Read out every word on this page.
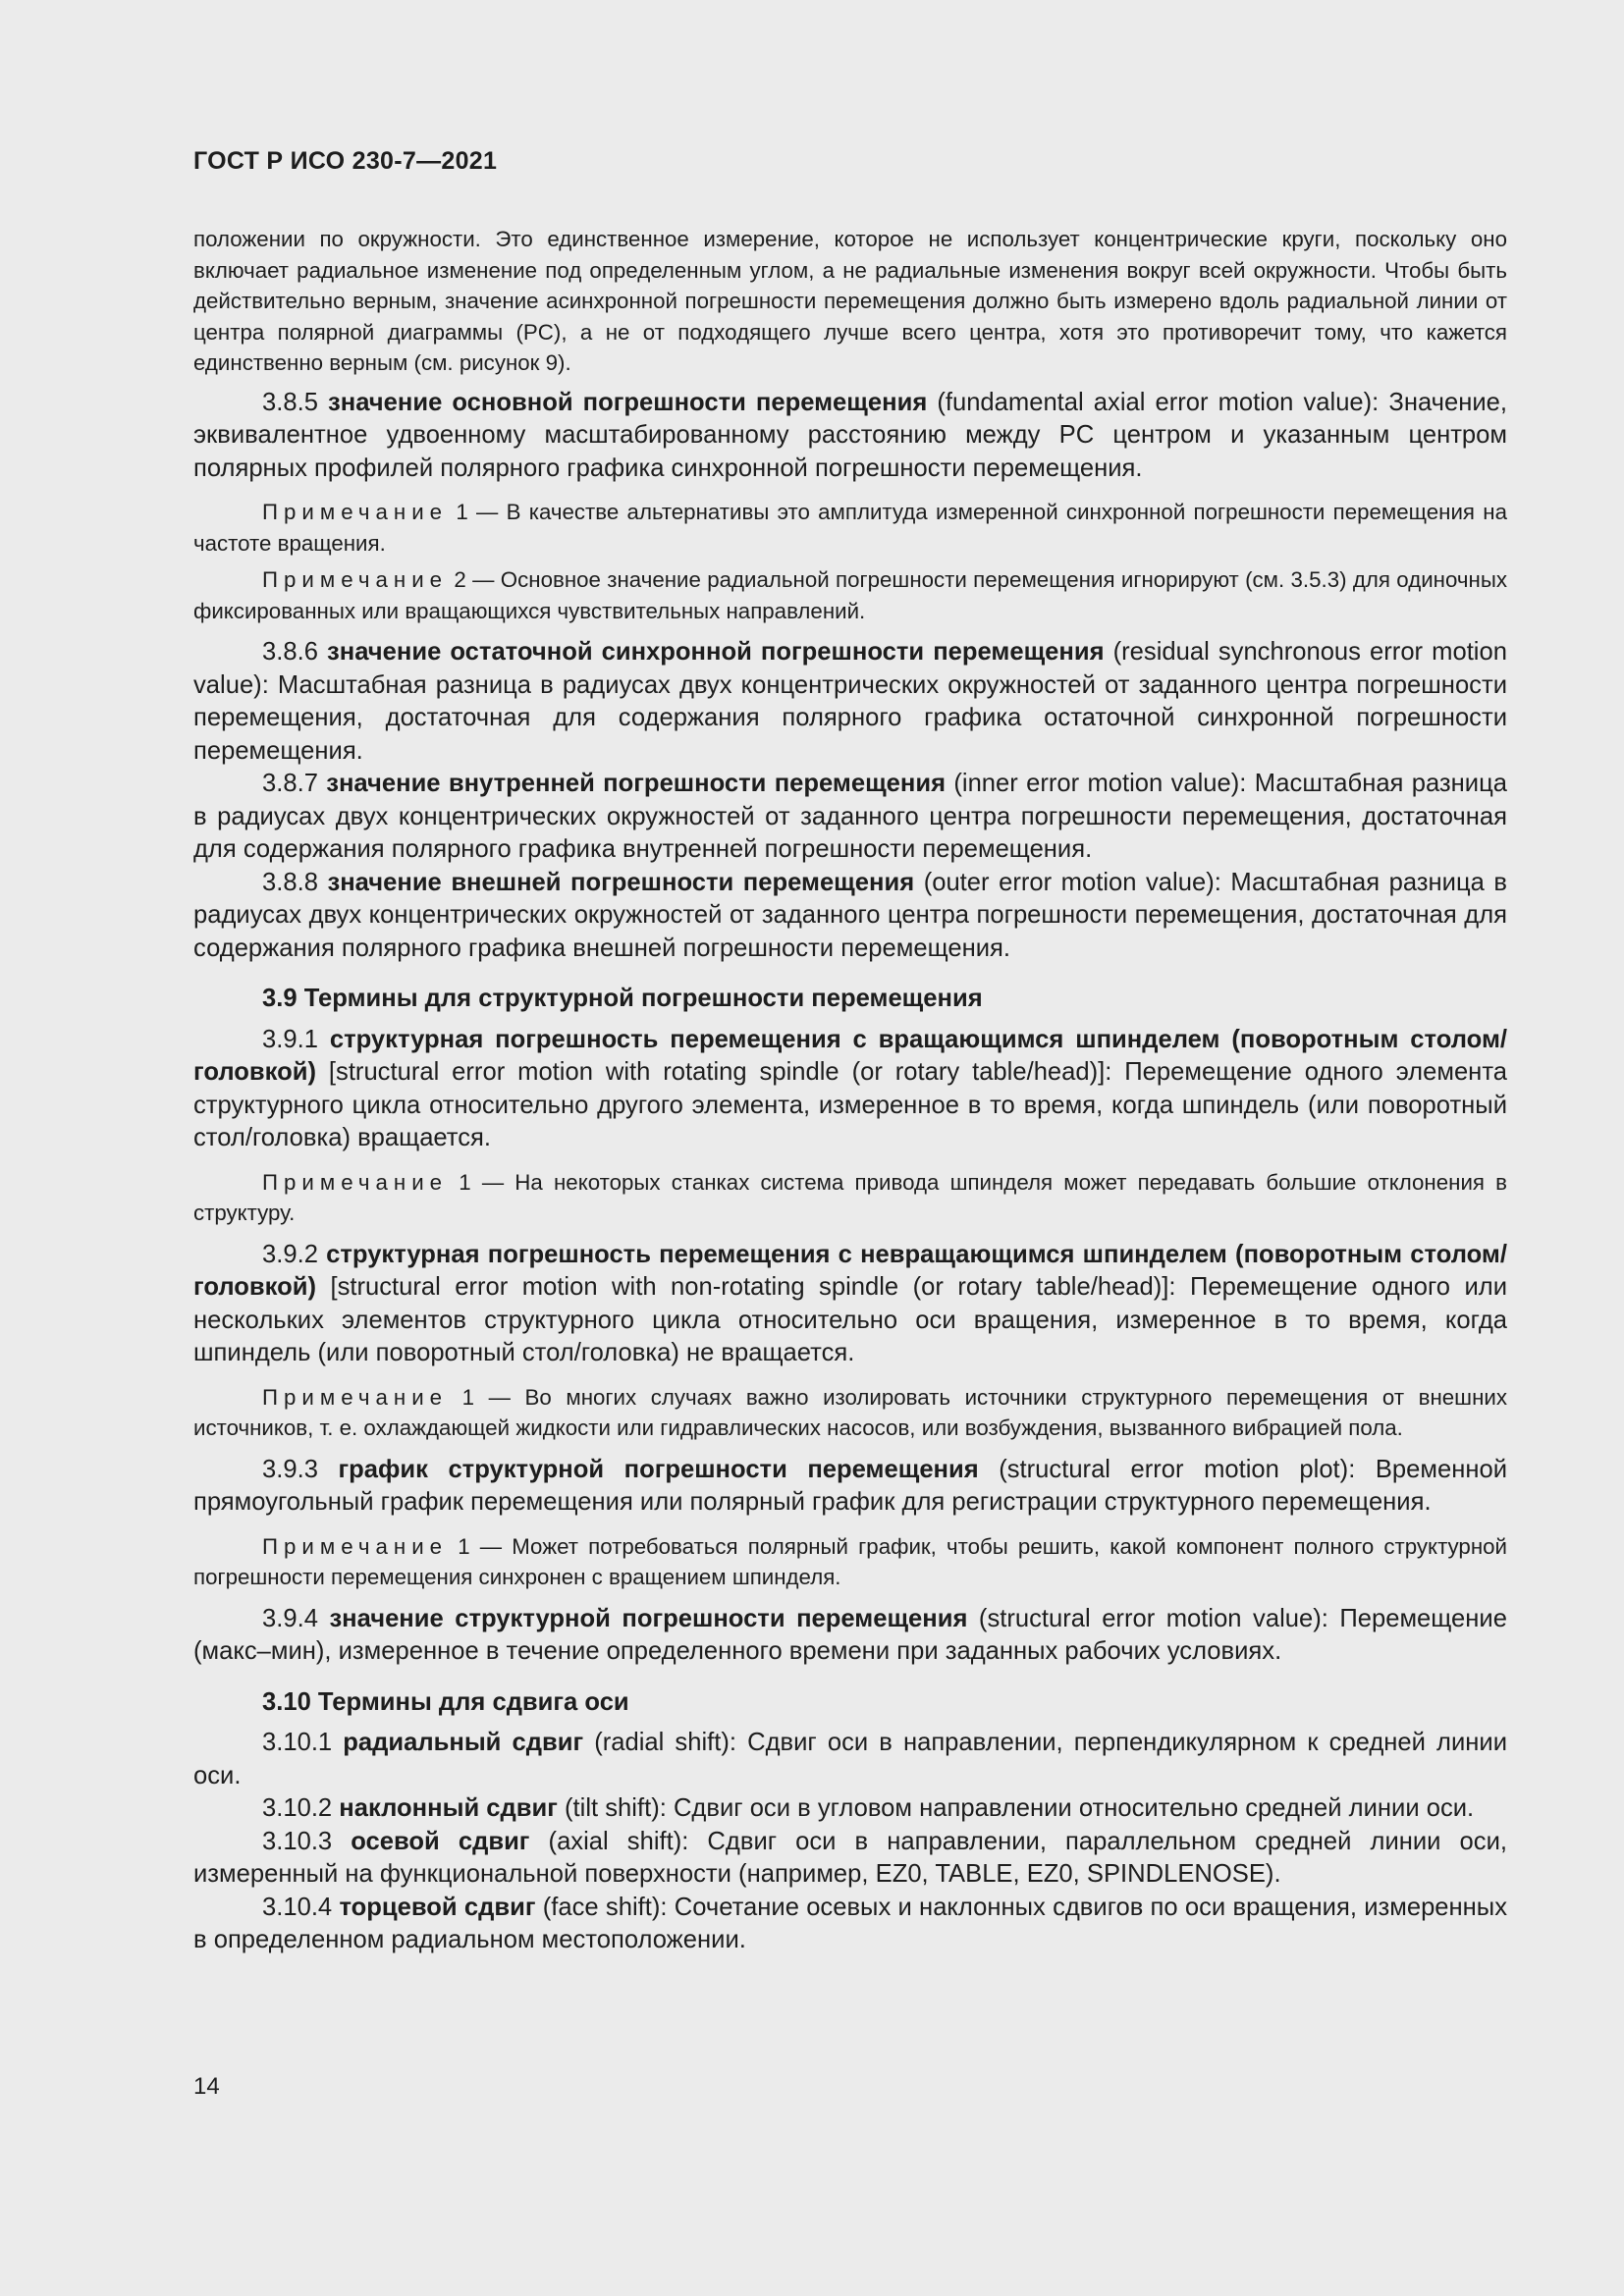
ГОСТ Р ИСО 230-7—2021

положении по окружности. Это единственное измерение, которое не использует концентрические круги, поскольку оно включает радиальное изменение под определенным углом, а не радиальные изменения вокруг всей окружности. Чтобы быть действительно верным, значение асинхронной погрешности перемещения должно быть измерено вдоль радиальной линии от центра полярной диаграммы (PC), а не от подходящего лучше всего центра, хотя это противоречит тому, что кажется единственно верным (см. рисунок 9).

3.8.5 значение основной погрешности перемещения (fundamental axial error motion value): Значение, эквивалентное удвоенному масштабированному расстоянию между PC центром и указанным центром полярных профилей полярного графика синхронной погрешности перемещения.

Примечание 1 — В качестве альтернативы это амплитуда измеренной синхронной погрешности перемещения на частоте вращения.

Примечание 2 — Основное значение радиальной погрешности перемещения игнорируют (см. 3.5.3) для одиночных фиксированных или вращающихся чувствительных направлений.

3.8.6 значение остаточной синхронной погрешности перемещения (residual synchronous error motion value): Масштабная разница в радиусах двух концентрических окружностей от заданного центра погрешности перемещения, достаточная для содержания полярного графика остаточной синхронной погрешности перемещения.

3.8.7 значение внутренней погрешности перемещения (inner error motion value): Масштабная разница в радиусах двух концентрических окружностей от заданного центра погрешности перемещения, достаточная для содержания полярного графика внутренней погрешности перемещения.

3.8.8 значение внешней погрешности перемещения (outer error motion value): Масштабная разница в радиусах двух концентрических окружностей от заданного центра погрешности перемещения, достаточная для содержания полярного графика внешней погрешности перемещения.

3.9 Термины для структурной погрешности перемещения

3.9.1 структурная погрешность перемещения с вращающимся шпинделем (поворотным столом/головкой) [structural error motion with rotating spindle (or rotary table/head)]: Перемещение одного элемента структурного цикла относительно другого элемента, измеренное в то время, когда шпиндель (или поворотный стол/головка) вращается.

Примечание 1 — На некоторых станках система привода шпинделя может передавать большие отклонения в структуру.

3.9.2 структурная погрешность перемещения с невращающимся шпинделем (поворотным столом/головкой) [structural error motion with non-rotating spindle (or rotary table/head)]: Перемещение одного или нескольких элементов структурного цикла относительно оси вращения, измеренное в то время, когда шпиндель (или поворотный стол/головка) не вращается.

Примечание 1 — Во многих случаях важно изолировать источники структурного перемещения от внешних источников, т. е. охлаждающей жидкости или гидравлических насосов, или возбуждения, вызванного вибрацией пола.

3.9.3 график структурной погрешности перемещения (structural error motion plot): Временной прямоугольный график перемещения или полярный график для регистрации структурного перемещения.

Примечание 1 — Может потребоваться полярный график, чтобы решить, какой компонент полного структурной погрешности перемещения синхронен с вращением шпинделя.

3.9.4 значение структурной погрешности перемещения (structural error motion value): Перемещение (макс–мин), измеренное в течение определенного времени при заданных рабочих условиях.

3.10 Термины для сдвига оси

3.10.1 радиальный сдвиг (radial shift): Сдвиг оси в направлении, перпендикулярном к средней линии оси.

3.10.2 наклонный сдвиг (tilt shift): Сдвиг оси в угловом направлении относительно средней линии оси.

3.10.3 осевой сдвиг (axial shift): Сдвиг оси в направлении, параллельном средней линии оси, измеренный на функциональной поверхности (например, EZ0, TABLE, EZ0, SPINDLENOSE).

3.10.4 торцевой сдвиг (face shift): Сочетание осевых и наклонных сдвигов по оси вращения, измеренных в определенном радиальном местоположении.

14
